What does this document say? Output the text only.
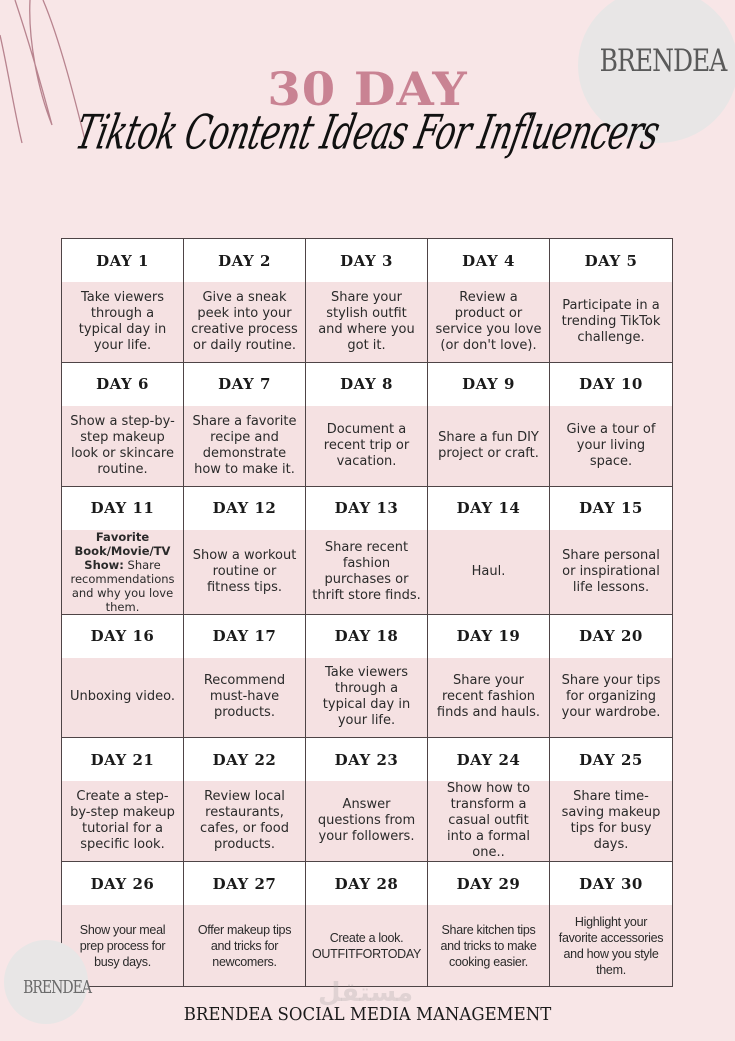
BRENDEA
30 DAY
Tiktok Content Ideas For Influencers
DAY 1
Take viewers through a typical day in your life.
DAY 2
Give a sneak peek into your creative process or daily routine.
DAY 3
Share your stylish outfit and where you got it.
DAY 4
Review a product or service you love (or don't love).
DAY 5
Participate in a trending TikTok challenge.
DAY 6
Show a step-by-step makeup look or skincare routine.
DAY 7
Share a favorite recipe and demonstrate how to make it.
DAY 8
Document a recent trip or vacation.
DAY 9
Share a fun DIY project or craft.
DAY 10
Give a tour of your living space.
DAY 11
Favorite Book/Movie/TV Show: Share recommendations and why you love them.
DAY 12
Show a workout routine or fitness tips.
DAY 13
Share recent fashion purchases or thrift store finds.
DAY 14
Haul.
DAY 15
Share personal or inspirational life lessons.
DAY 16
Unboxing video.
DAY 17
Recommend must-have products.
DAY 18
Take viewers through a typical day in your life.
DAY 19
Share your recent fashion finds and hauls.
DAY 20
Share your tips for organizing your wardrobe.
DAY 21
Create a step-by-step makeup tutorial for a specific look.
DAY 22
Review local restaurants, cafes, or food products.
DAY 23
Answer questions from your followers.
DAY 24
Show how to transform a casual outfit into a formal one..
DAY 25
Share time-saving makeup tips for busy days.
DAY 26
Show your meal prep process for busy days.
DAY 27
Offer makeup tips and tricks for newcomers.
DAY 28
Create a look. OUTFITFORTODAY
DAY 29
Share kitchen tips and tricks to make cooking easier.
DAY 30
Highlight your favorite accessories and how you style them.
BRENDEA	مستقل
BRENDEA SOCIAL MEDIA MANAGEMENT
